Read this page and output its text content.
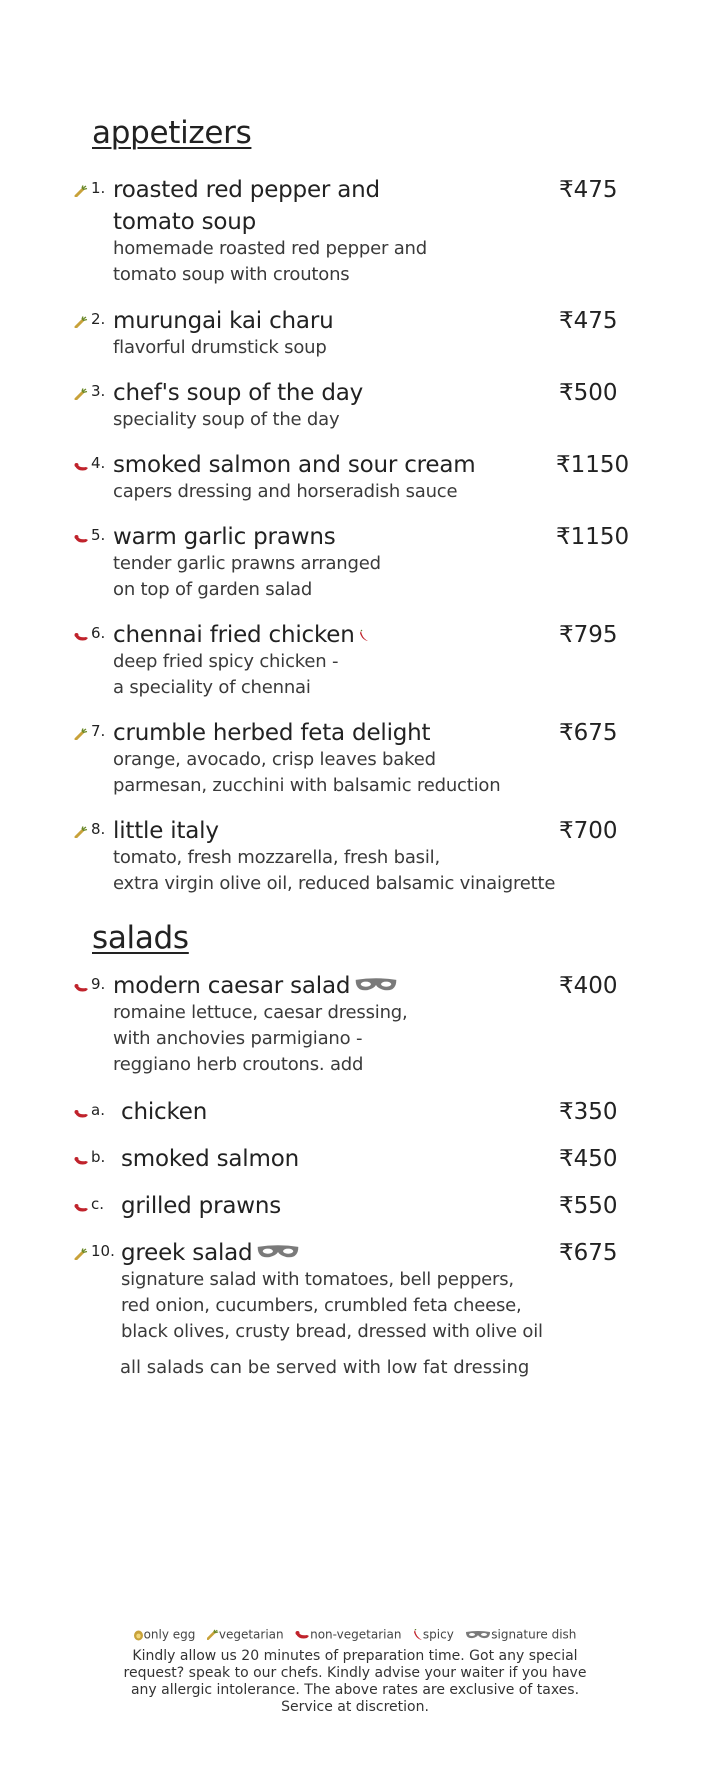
appetizers
salads
1. roasted red pepper and
tomato soup
₹475
homemade roasted red pepper and
tomato soup with croutons
2. murungai kai charu	₹475
flavorful drumstick soup
3. chef's soup of the day	₹500
speciality soup of the day
4. smoked salmon and sour cream	₹1150
capers dressing and horseradish sauce
5. warm garlic prawns	₹1150
tender garlic prawns arranged
on top of garden salad
6. chennai fried chicken	₹795
deep fried spicy chicken -
a speciality of chennai
7. crumble herbed feta delight	₹675
orange, avocado, crisp leaves baked
parmesan, zucchini with balsamic reduction
8. little italy	₹700
tomato, fresh mozzarella, fresh basil,
extra virgin olive oil, reduced balsamic vinaigrette
9. modern caesar salad	₹400
romaine lettuce, caesar dressing,
with anchovies parmigiano -
reggiano herb croutons. add
a. chicken	₹350
b. smoked salmon	₹450
c. grilled prawns	₹550
10. greek salad	₹675
signature salad with tomatoes, bell peppers,
red onion, cucumbers, crumbled feta cheese,
black olives, crusty bread, dressed with olive oil
all salads can be served with low fat dressing
only egg vegetarian non-vegetarian spicy	signature dish
Kindly allow us 20 minutes of preparation time. Got any special request? speak to our chefs. Kindly advise your waiter if you have any allergic intolerance. The above rates are exclusive of taxes. Service at discretion.
